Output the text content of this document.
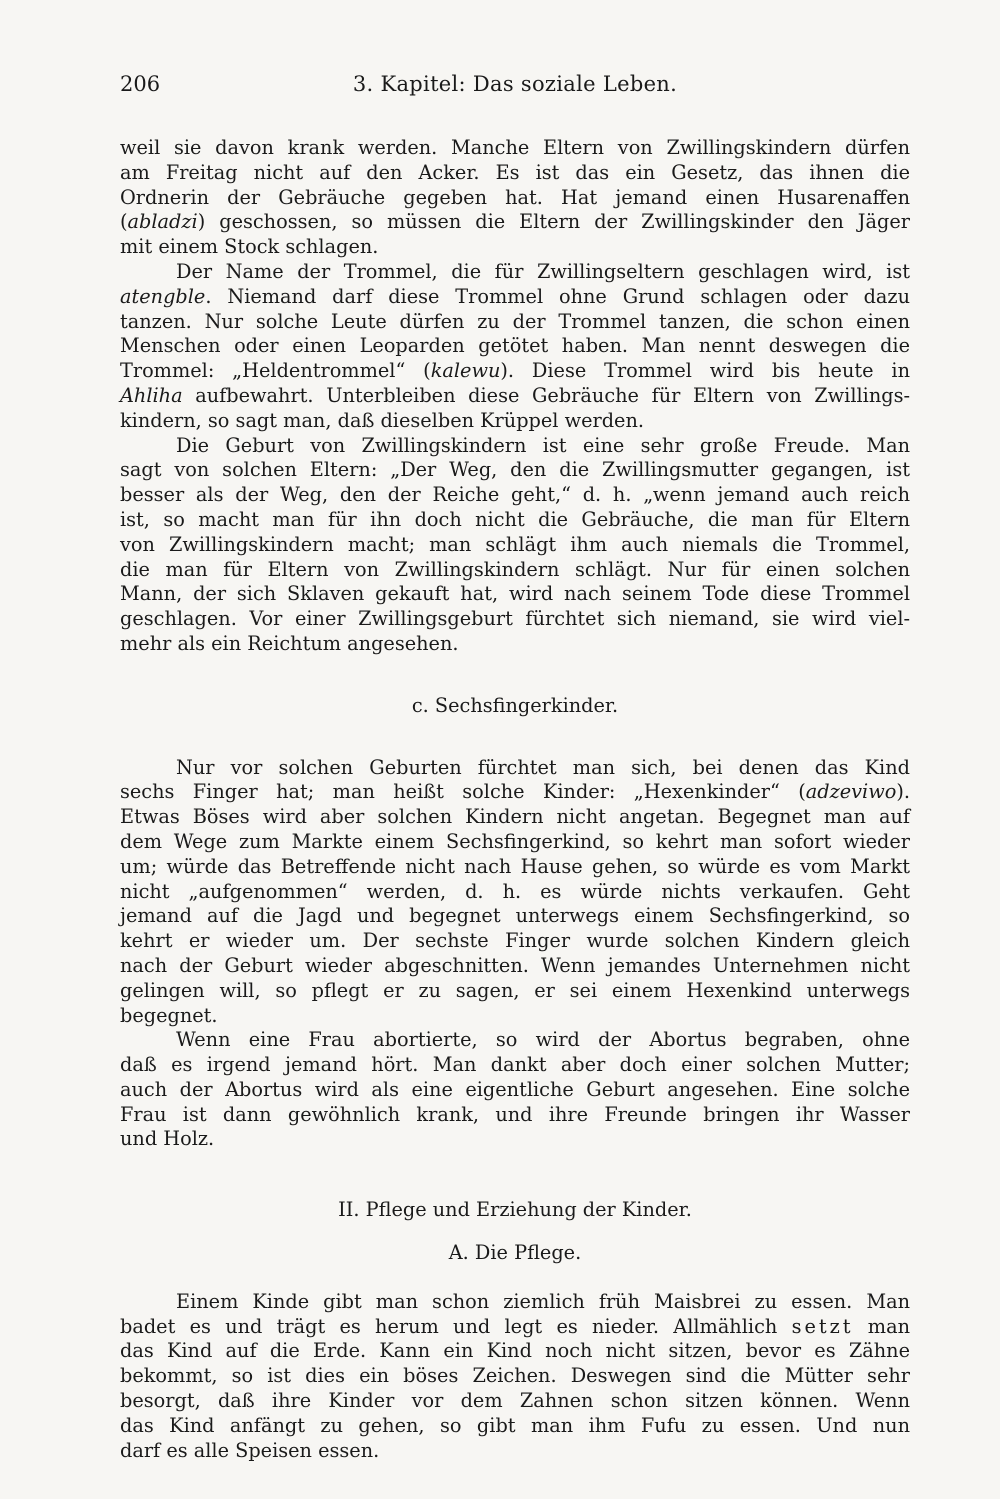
206	3. Kapitel: Das soziale Leben.

weil sie davon krank werden. Manche Eltern von Zwillingskindern dürfen

am Freitag nicht auf den Acker. Es ist das ein Gesetz, das ihnen die

Ordnerin der Gebräuche gegeben hat. Hat jemand einen Husarenaffen

(abladzi) geschossen, so müssen die Eltern der Zwillingskinder den Jäger

mit einem Stock schlagen.

Der Name der Trommel, die für Zwillingseltern geschlagen wird, ist

atengble. Niemand darf diese Trommel ohne Grund schlagen oder dazu

tanzen. Nur solche Leute dürfen zu der Trommel tanzen, die schon einen

Menschen oder einen Leoparden getötet haben. Man nennt deswegen die

Trommel: „Heldentrommel“ (kalewu). Diese Trommel wird bis heute in

Ahliha aufbewahrt. Unterbleiben diese Gebräuche für Eltern von Zwillings-

kindern, so sagt man, daß dieselben Krüppel werden.

Die Geburt von Zwillingskindern ist eine sehr große Freude. Man

sagt von solchen Eltern: „Der Weg, den die Zwillingsmutter gegangen, ist

besser als der Weg, den der Reiche geht,“ d. h. „wenn jemand auch reich

ist, so macht man für ihn doch nicht die Gebräuche, die man für Eltern

von Zwillingskindern macht; man schlägt ihm auch niemals die Trommel,

die man für Eltern von Zwillingskindern schlägt. Nur für einen solchen

Mann, der sich Sklaven gekauft hat, wird nach seinem Tode diese Trommel

geschlagen. Vor einer Zwillingsgeburt fürchtet sich niemand, sie wird viel-

mehr als ein Reichtum angesehen.

c. Sechsfingerkinder.

Nur vor solchen Geburten fürchtet man sich, bei denen das Kind

sechs Finger hat; man heißt solche Kinder: „Hexenkinder“ (adzeviwo).

Etwas Böses wird aber solchen Kindern nicht angetan. Begegnet man auf

dem Wege zum Markte einem Sechsfingerkind, so kehrt man sofort wieder

um; würde das Betreffende nicht nach Hause gehen, so würde es vom Markt

nicht „aufgenommen“ werden, d. h. es würde nichts verkaufen. Geht

jemand auf die Jagd und begegnet unterwegs einem Sechsfingerkind, so

kehrt er wieder um. Der sechste Finger wurde solchen Kindern gleich

nach der Geburt wieder abgeschnitten. Wenn jemandes Unternehmen nicht

gelingen will, so pflegt er zu sagen, er sei einem Hexenkind unterwegs

begegnet.

Wenn eine Frau abortierte, so wird der Abortus begraben, ohne

daß es irgend jemand hört. Man dankt aber doch einer solchen Mutter;

auch der Abortus wird als eine eigentliche Geburt angesehen. Eine solche

Frau ist dann gewöhnlich krank, und ihre Freunde bringen ihr Wasser

und Holz.

II. Pflege und Erziehung der Kinder.
A. Die Pflege.

Einem Kinde gibt man schon ziemlich früh Maisbrei zu essen. Man

badet es und trägt es herum und legt es nieder. Allmählich setzt man

das Kind auf die Erde. Kann ein Kind noch nicht sitzen, bevor es Zähne

bekommt, so ist dies ein böses Zeichen. Deswegen sind die Mütter sehr

besorgt, daß ihre Kinder vor dem Zahnen schon sitzen können. Wenn

das Kind anfängt zu gehen, so gibt man ihm Fufu zu essen. Und nun

darf es alle Speisen essen.
